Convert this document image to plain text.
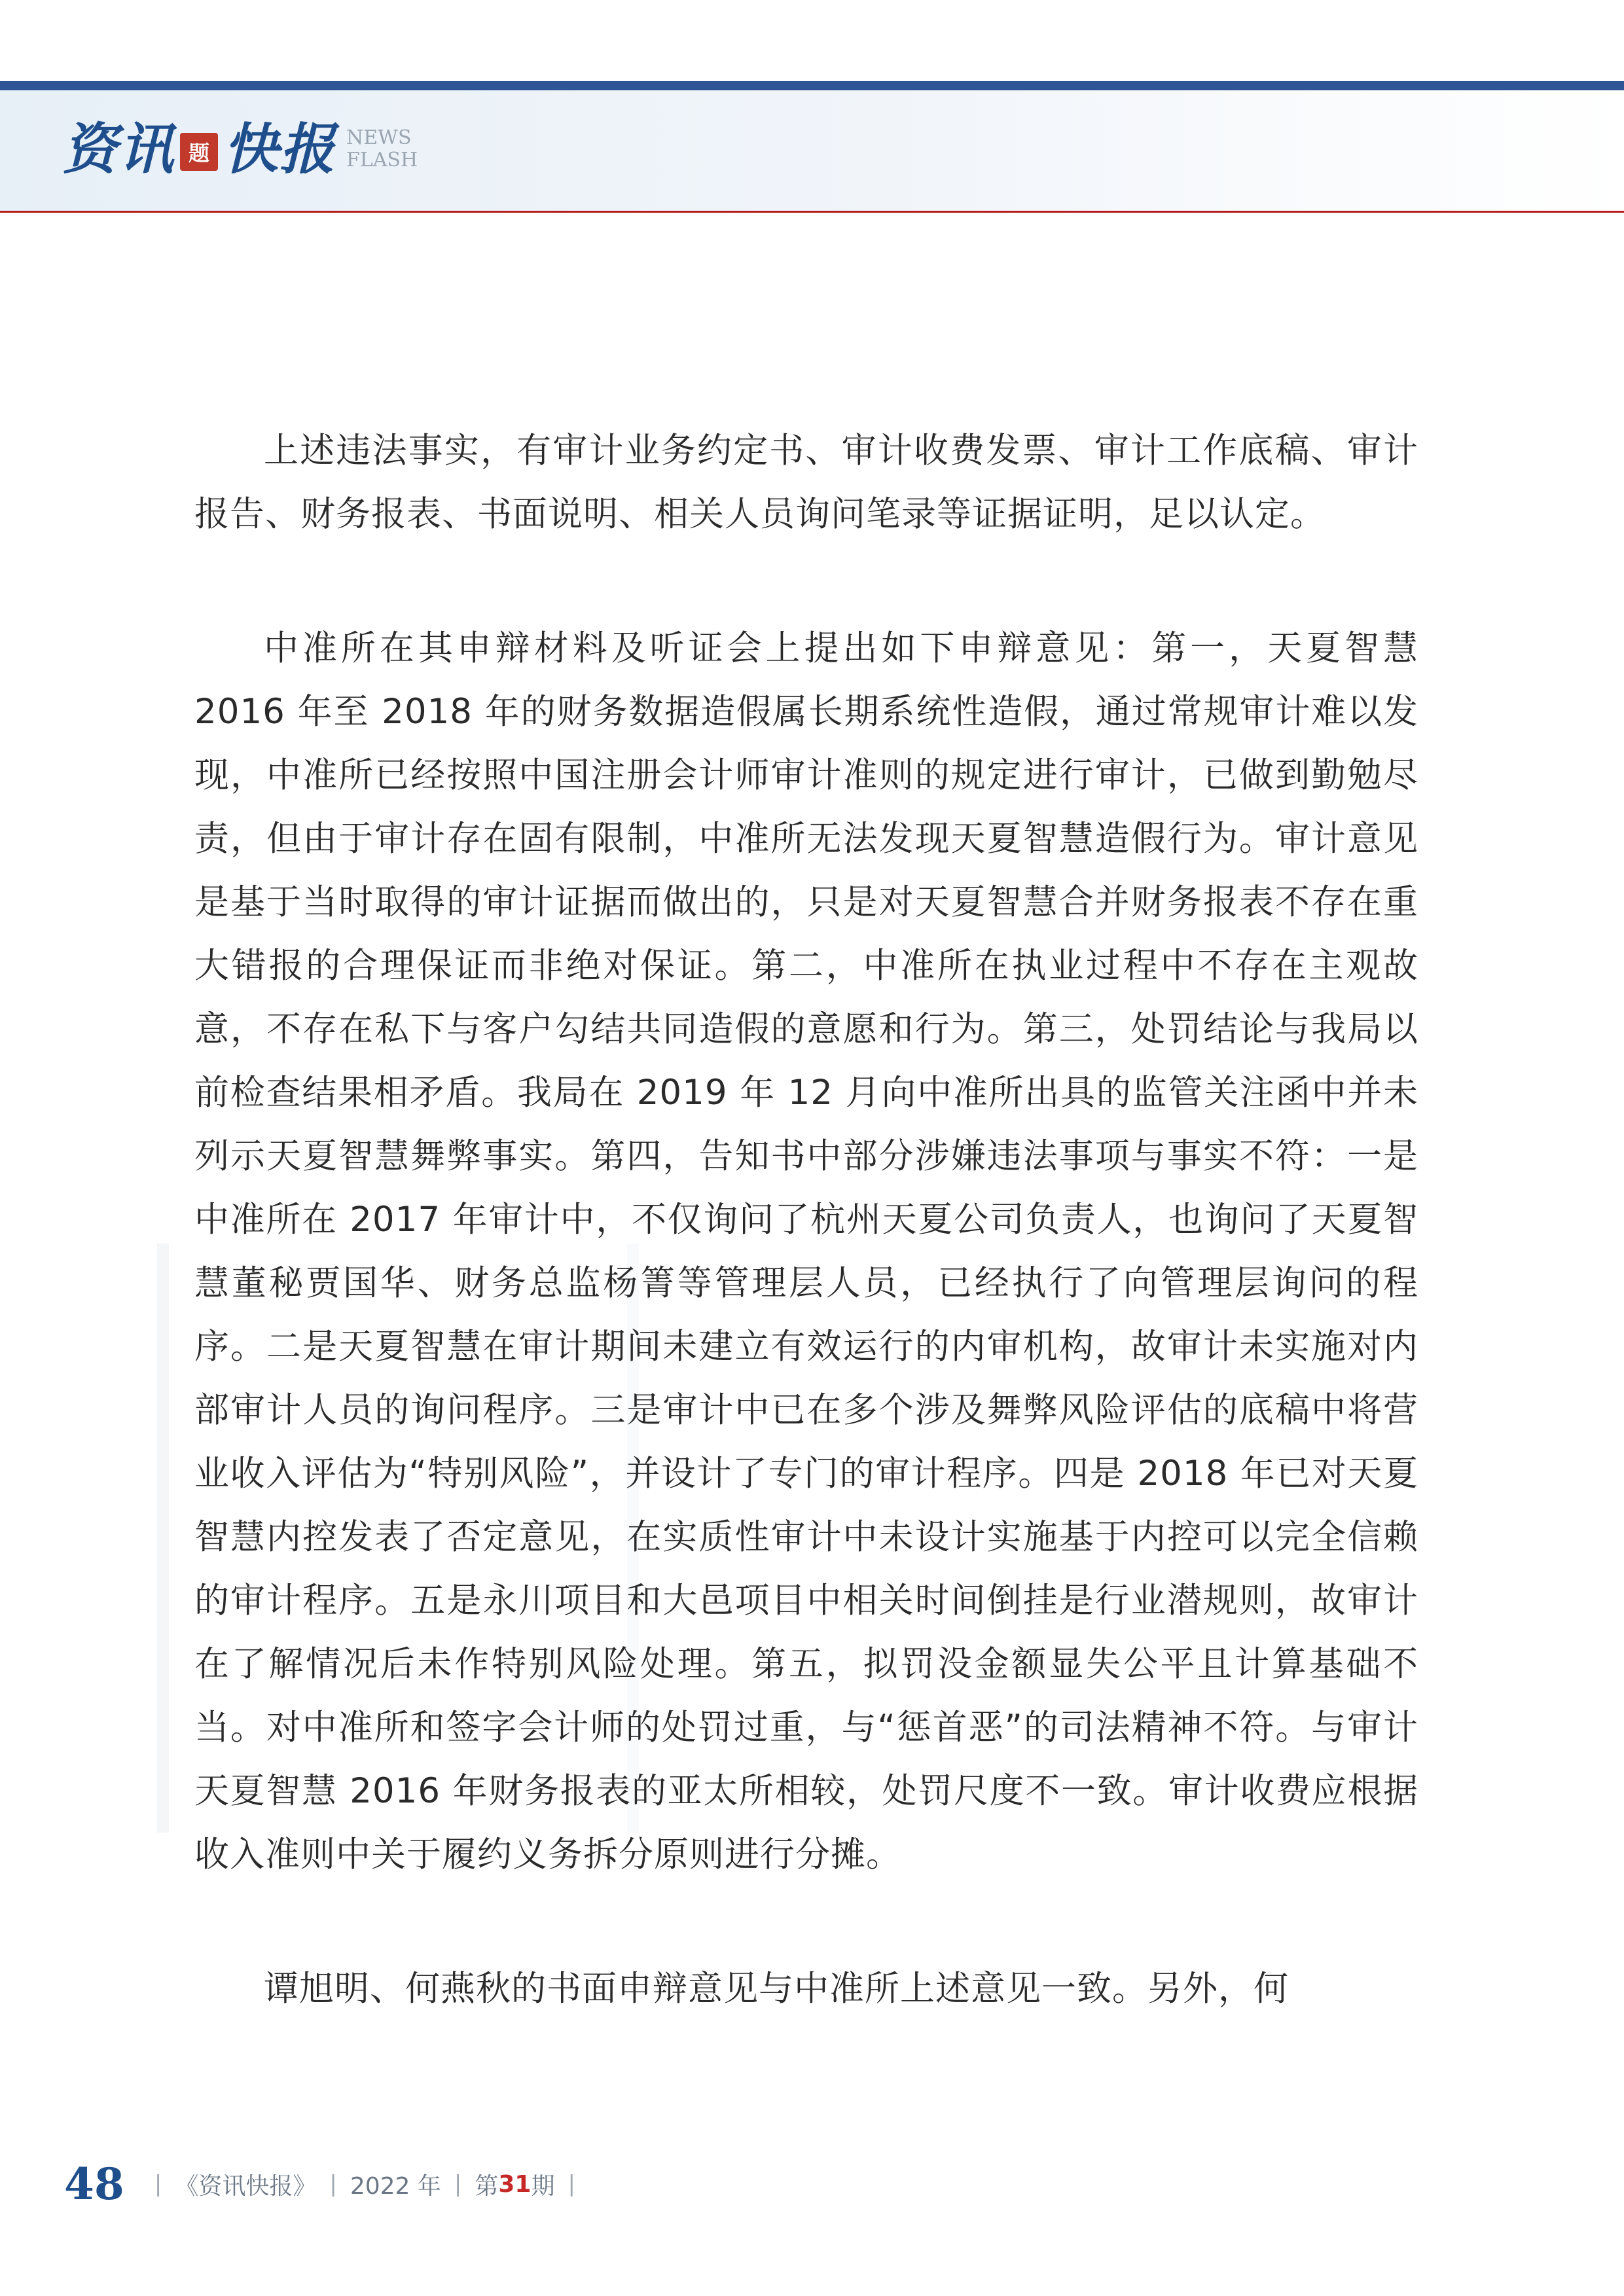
资讯 题 快报 NEWS
FLASH

上述违法事实，有审计业务约定书、审计收费发票、审计工作底稿、审计报告、财务报表、书面说明、相关人员询问笔录等证据证明，足以认定。

中准所在其申辩材料及听证会上提出如下申辩意见：第一，天夏智慧 2016 年至 2018 年的财务数据造假属长期系统性造假，通过常规审计难以发现，中准所已经按照中国注册会计师审计准则的规定进行审计，已做到勤勉尽责，但由于审计存在固有限制，中准所无法发现天夏智慧造假行为。审计意见是基于当时取得的审计证据而做出的，只是对天夏智慧合并财务报表不存在重大错报的合理保证而非绝对保证。第二，中准所在执业过程中不存在主观故意，不存在私下与客户勾结共同造假的意愿和行为。第三，处罚结论与我局以前检查结果相矛盾。我局在 2019 年 12 月向中准所出具的监管关注函中并未列示天夏智慧舞弊事实。第四，告知书中部分涉嫌违法事项与事实不符：一是中准所在 2017 年审计中，不仅询问了杭州天夏公司负责人，也询问了天夏智慧董秘贾国华、财务总监杨箐等管理层人员，已经执行了向管理层询问的程序。二是天夏智慧在审计期间未建立有效运行的内审机构，故审计未实施对内部审计人员的询问程序。三是审计中已在多个涉及舞弊风险评估的底稿中将营业收入评估为“特别风险”，并设计了专门的审计程序。四是 2018 年已对天夏智慧内控发表了否定意见，在实质性审计中未设计实施基于内控可以完全信赖的审计程序。五是永川项目和大邑项目中相关时间倒挂是行业潜规则，故审计在了解情况后未作特别风险处理。第五，拟罚没金额显失公平且计算基础不当。对中准所和签字会计师的处罚过重，与“惩首恶”的司法精神不符。与审计天夏智慧 2016 年财务报表的亚太所相较，处罚尺度不一致。审计收费应根据收入准则中关于履约义务拆分原则进行分摊。

谭旭明、何燕秋的书面申辩意见与中准所上述意见一致。另外，何

48 | 《资讯快报》 | 2022 年 | 第 31 期 |
